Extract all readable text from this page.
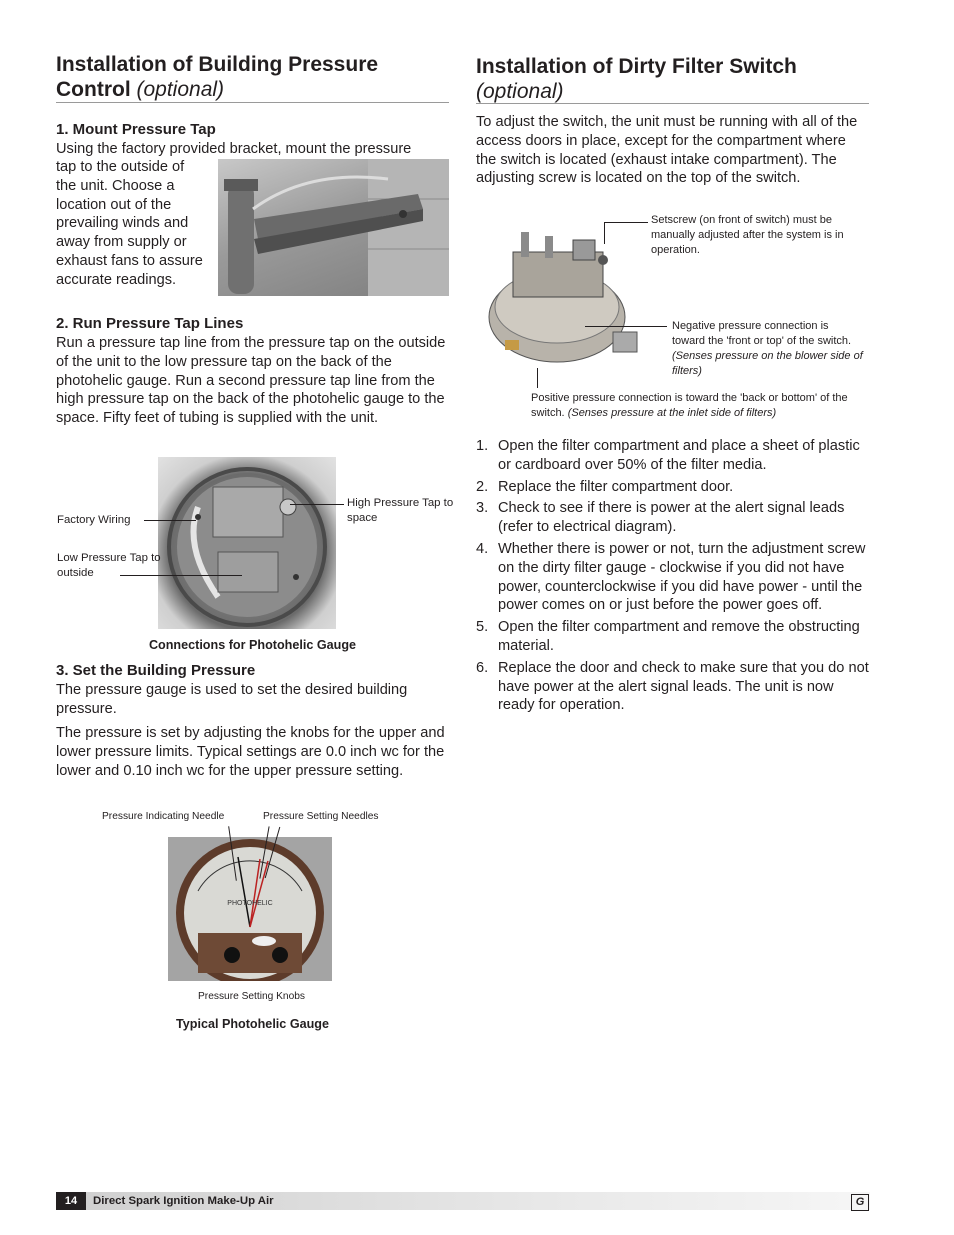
Installation of Building Pressure Control (optional)
1. Mount Pressure Tap

Using the factory provided bracket, mount the pressure

tap to the outside of the unit. Choose a location out of the prevailing winds and away from supply or exhaust fans to assure accurate readings.

2. Run Pressure Tap Lines

Run a pressure tap line from the pressure tap on the outside of the unit to the low pressure tap on the back of the photohelic gauge. Run a second pressure tap line from the high pressure tap on the back of the photohelic gauge to the space. Fifty feet of tubing is supplied with the unit.

Factory Wiring
Low Pressure Tap to outside
High Pressure Tap to space
Connections for Photohelic Gauge
3. Set the Building Pressure

The pressure gauge is used to set the desired building pressure.

The pressure is set by adjusting the knobs for the upper and lower pressure limits. Typical settings are 0.0 inch wc for the lower and 0.10 inch wc for the upper pressure setting.

Pressure Indicating Needle	Pressure Setting Needles
PHOTOHELIC
Pressure Setting Knobs
Typical Photohelic Gauge
Installation of Dirty Filter Switch
(optional)

To adjust the switch, the unit must be running with all of the access doors in place, except for the compartment where the switch is located (exhaust intake compartment). The adjusting screw is located on the top of the switch.

Setscrew (on front of switch) must be manually adjusted after the system is in operation.
Negative pressure connection is toward the 'front or top' of the switch. (Senses pressure on the blower side of filters)
Positive pressure connection is toward the 'back or bottom' of the switch. (Senses pressure at the inlet side of filters)
1. Open the filter compartment and place a sheet of plastic or cardboard over 50% of the filter media.
2. Replace the filter compartment door.
3. Check to see if there is power at the alert signal leads (refer to electrical diagram).
4. Whether there is power or not, turn the adjustment screw on the dirty filter gauge - clockwise if you did not have power, counterclockwise if you did have power - until the power comes on or just before the power goes off.
5. Open the filter compartment and remove the obstructing material.
6. Replace the door and check to make sure that you do not have power at the alert signal leads. The unit is now ready for operation.
14	Direct Spark Ignition Make-Up Air	G
